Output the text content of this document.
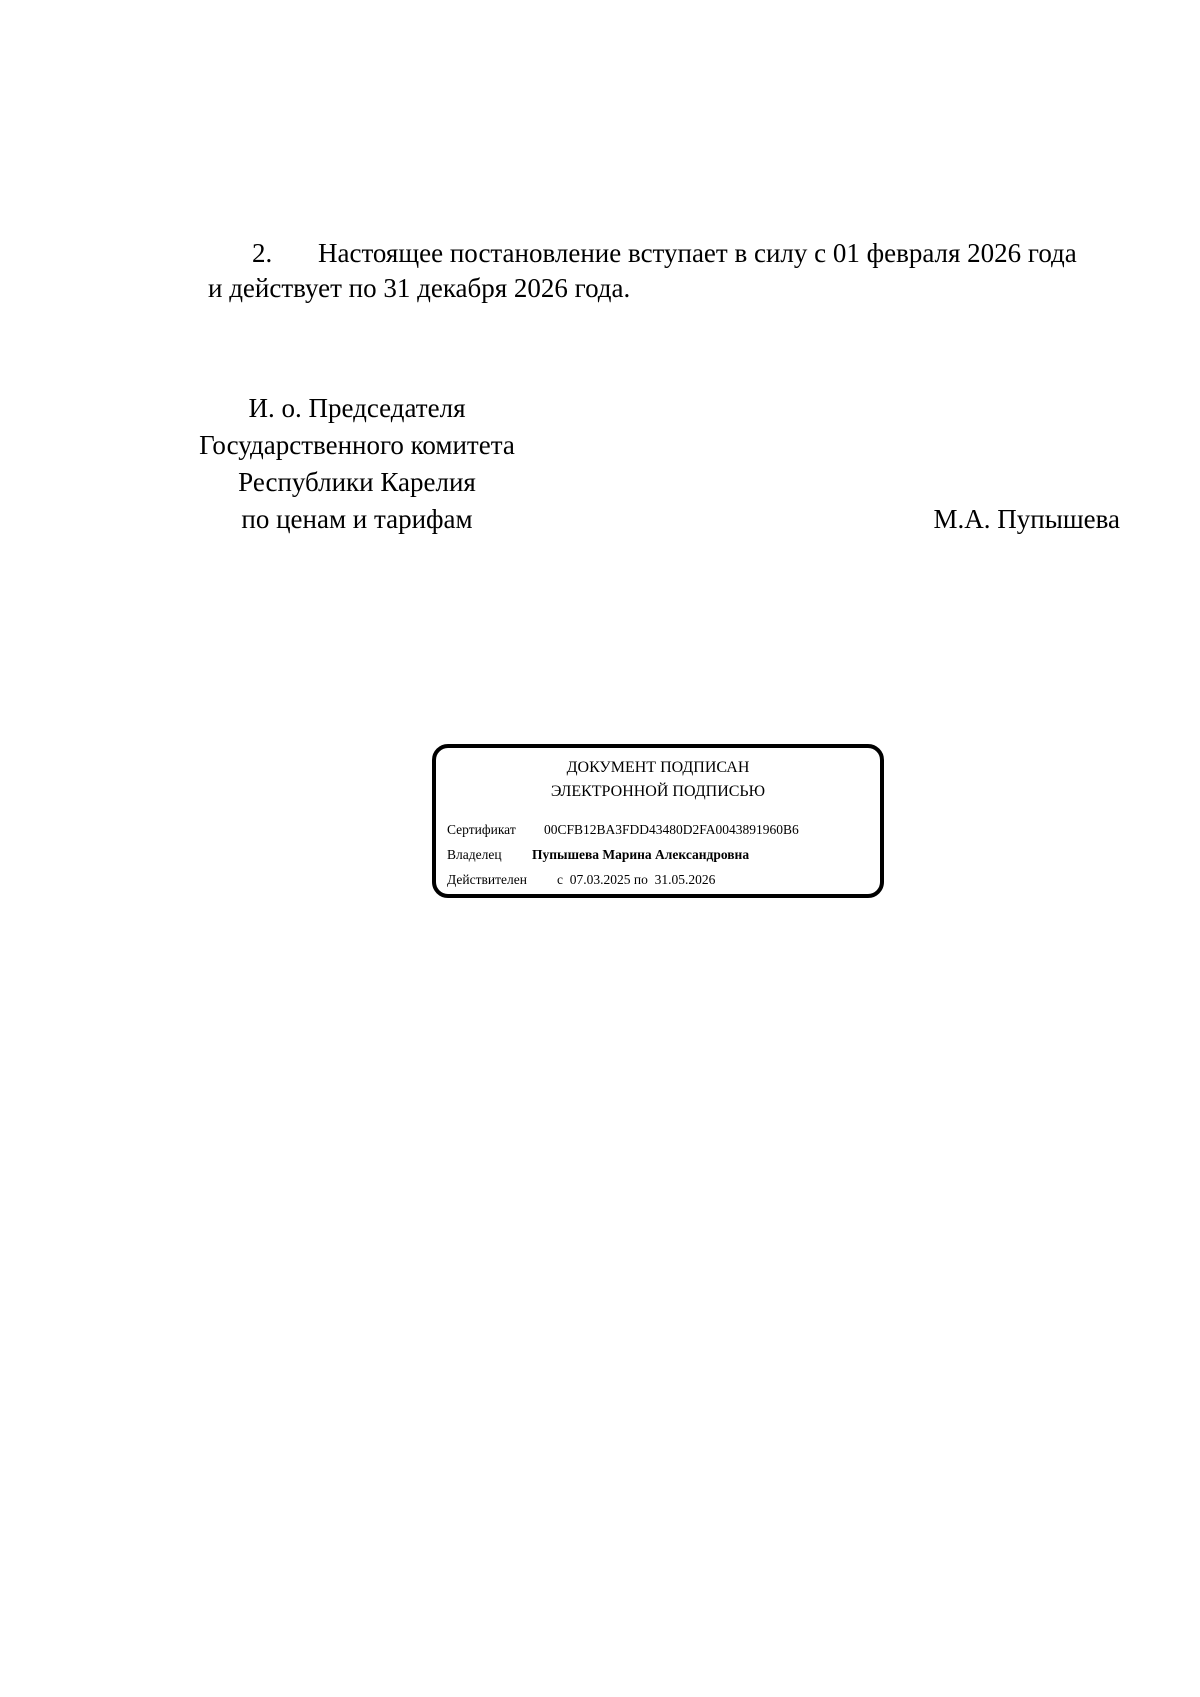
2. Настоящее постановление вступает в силу с 01 февраля 2026 года
и действует по 31 декабря 2026 года.
И. о. Председателя
Государственного комитета
Республики Карелия
по ценам и тарифам	М.А. Пупышева
ДОКУМЕНТ ПОДПИСАН
ЭЛЕКТРОННОЙ ПОДПИСЬЮ
Сертификат 00CFB12BA3FDD43480D2FA0043891960B6
Владелец Пупышева Марина Александровна
Действителен с  07.03.2025 по  31.05.2026
